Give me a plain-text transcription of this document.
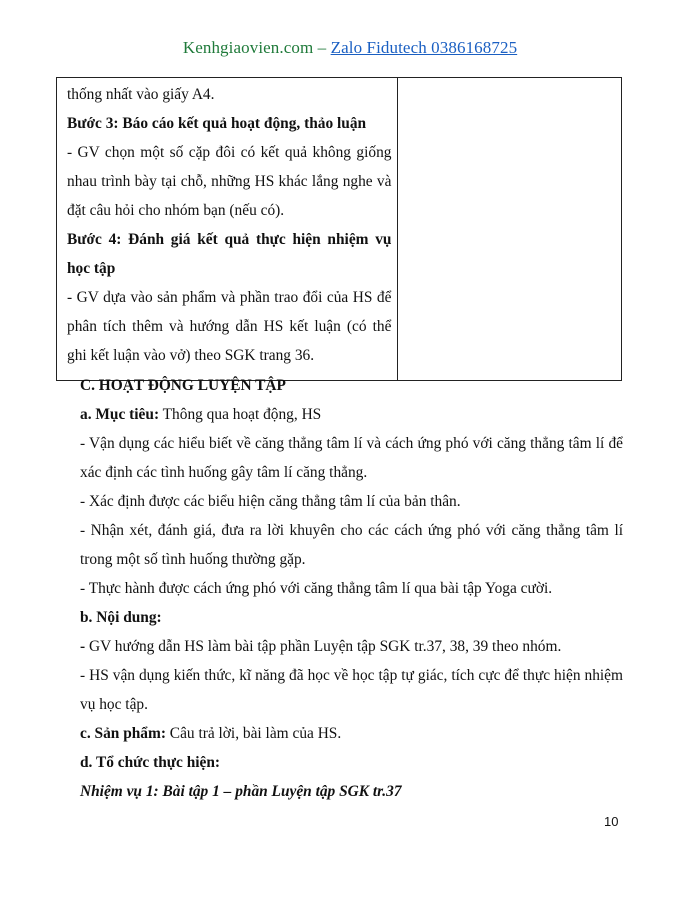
Kenhgiaovien.com – Zalo Fidutech 0386168725
thống nhất vào giấy A4.
Bước 3: Báo cáo kết quả hoạt động, thảo luận
- GV chọn một số cặp đôi có kết quả không giống nhau trình bày tại chỗ, những HS khác lắng nghe và đặt câu hỏi cho nhóm bạn (nếu có).
Bước 4: Đánh giá kết quả thực hiện nhiệm vụ học tập
- GV dựa vào sản phẩm và phần trao đổi của HS để phân tích thêm và hướng dẫn HS kết luận (có thể ghi kết luận vào vở) theo SGK trang 36.

C. HOẠT ĐỘNG LUYỆN TẬP
a. Mục tiêu: Thông qua hoạt động, HS
- Vận dụng các hiểu biết về căng thẳng tâm lí và cách ứng phó với căng thẳng tâm lí để xác định các tình huống gây tâm lí căng thẳng.
- Xác định được các biểu hiện căng thẳng tâm lí của bản thân.
- Nhận xét, đánh giá, đưa ra lời khuyên cho các cách ứng phó với căng thẳng tâm lí trong một số tình huống thường gặp.
- Thực hành được cách ứng phó với căng thẳng tâm lí qua bài tập Yoga cười.
b. Nội dung:
- GV hướng dẫn HS làm bài tập phần Luyện tập SGK tr.37, 38, 39 theo nhóm.
- HS vận dụng kiến thức, kĩ năng đã học về học tập tự giác, tích cực để thực hiện nhiệm vụ học tập.
c. Sản phẩm: Câu trả lời, bài làm của HS.
d. Tổ chức thực hiện:
Nhiệm vụ 1: Bài tập 1 – phần Luyện tập SGK tr.37
10
